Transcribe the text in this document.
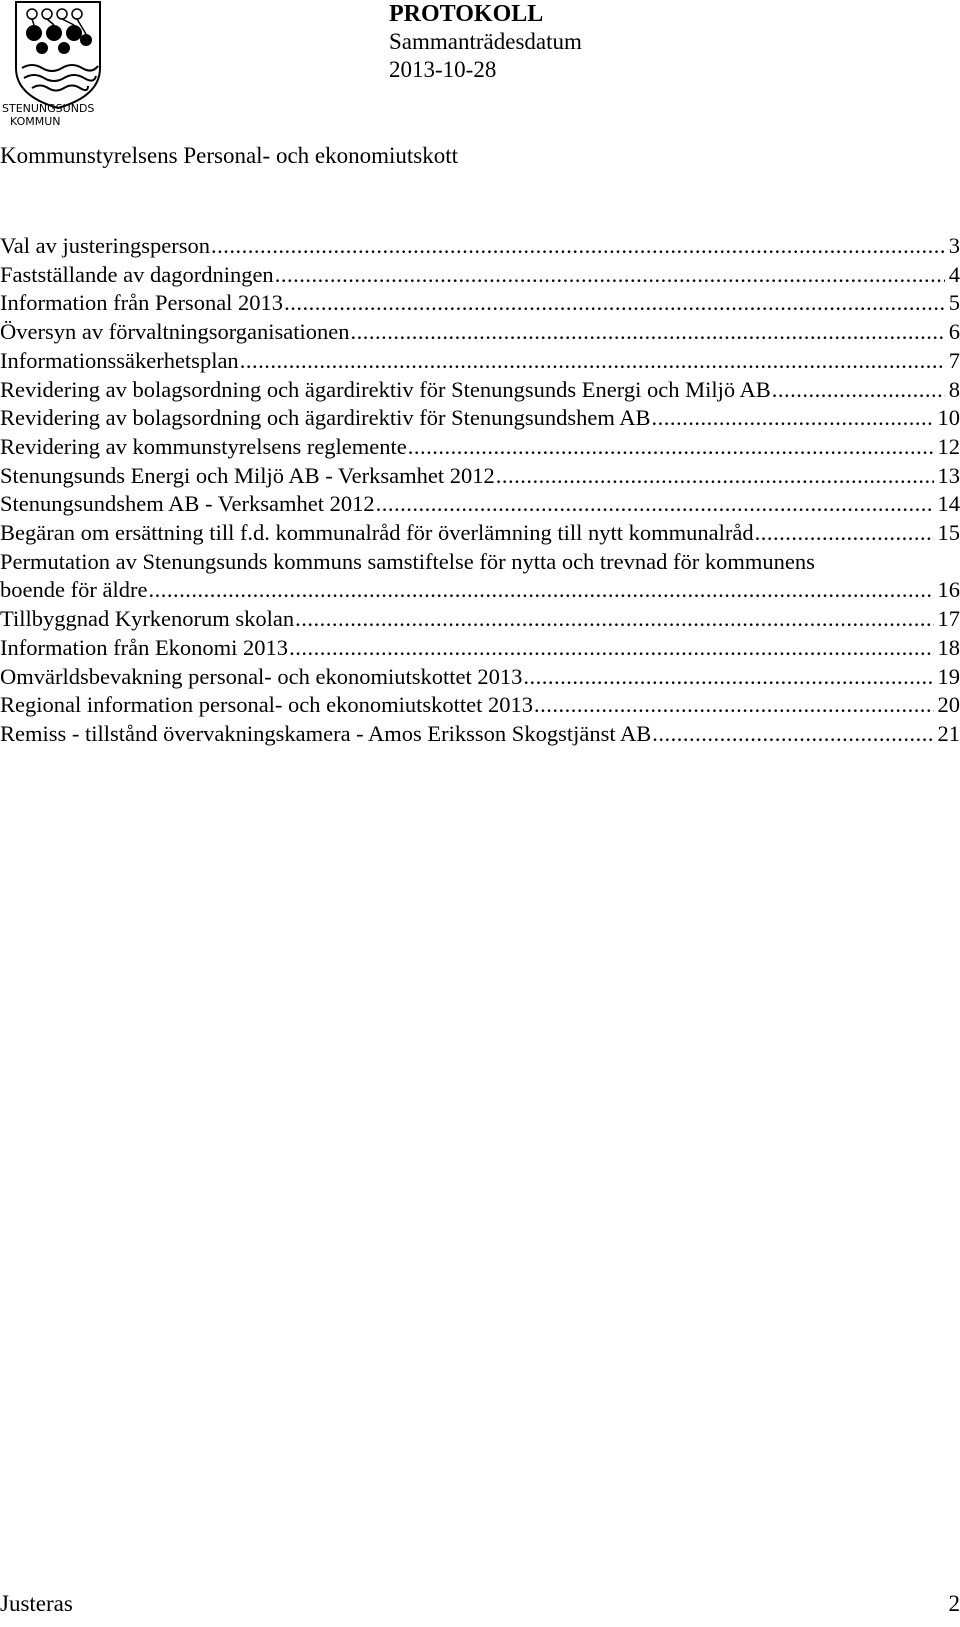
STENUNGSUNDS
KOMMUN
PROTOKOLL
Sammanträdesdatum
2013-10-28
Kommunstyrelsens Personal- och ekonomiutskott
Val av justeringsperson .....	3
Fastställande av dagordningen .....	4
Information från Personal 2013 .....	5
Översyn av förvaltningsorganisationen .....	6
Informationssäkerhetsplan .....	7
Revidering av bolagsordning och ägardirektiv för Stenungsunds Energi och Miljö AB .....	8
Revidering av bolagsordning och ägardirektiv för Stenungsundshem AB .....	10
Revidering av kommunstyrelsens reglemente .....	12
Stenungsunds Energi och Miljö AB - Verksamhet 2012 .....	13
Stenungsundshem AB - Verksamhet 2012 .....	14
Begäran om ersättning till f.d. kommunalråd för överlämning till nytt kommunalråd .....	15
Permutation av Stenungsunds kommuns samstiftelse för nytta och trevnad för kommunens
boende för äldre .....	16
Tillbyggnad Kyrkenorum skolan .....	17
Information från Ekonomi 2013 .....	18
Omvärldsbevakning personal- och ekonomiutskottet 2013 .....	19
Regional information personal- och ekonomiutskottet 2013 .....	20
Remiss - tillstånd övervakningskamera - Amos Eriksson Skogstjänst AB .....	21
Justeras	2
